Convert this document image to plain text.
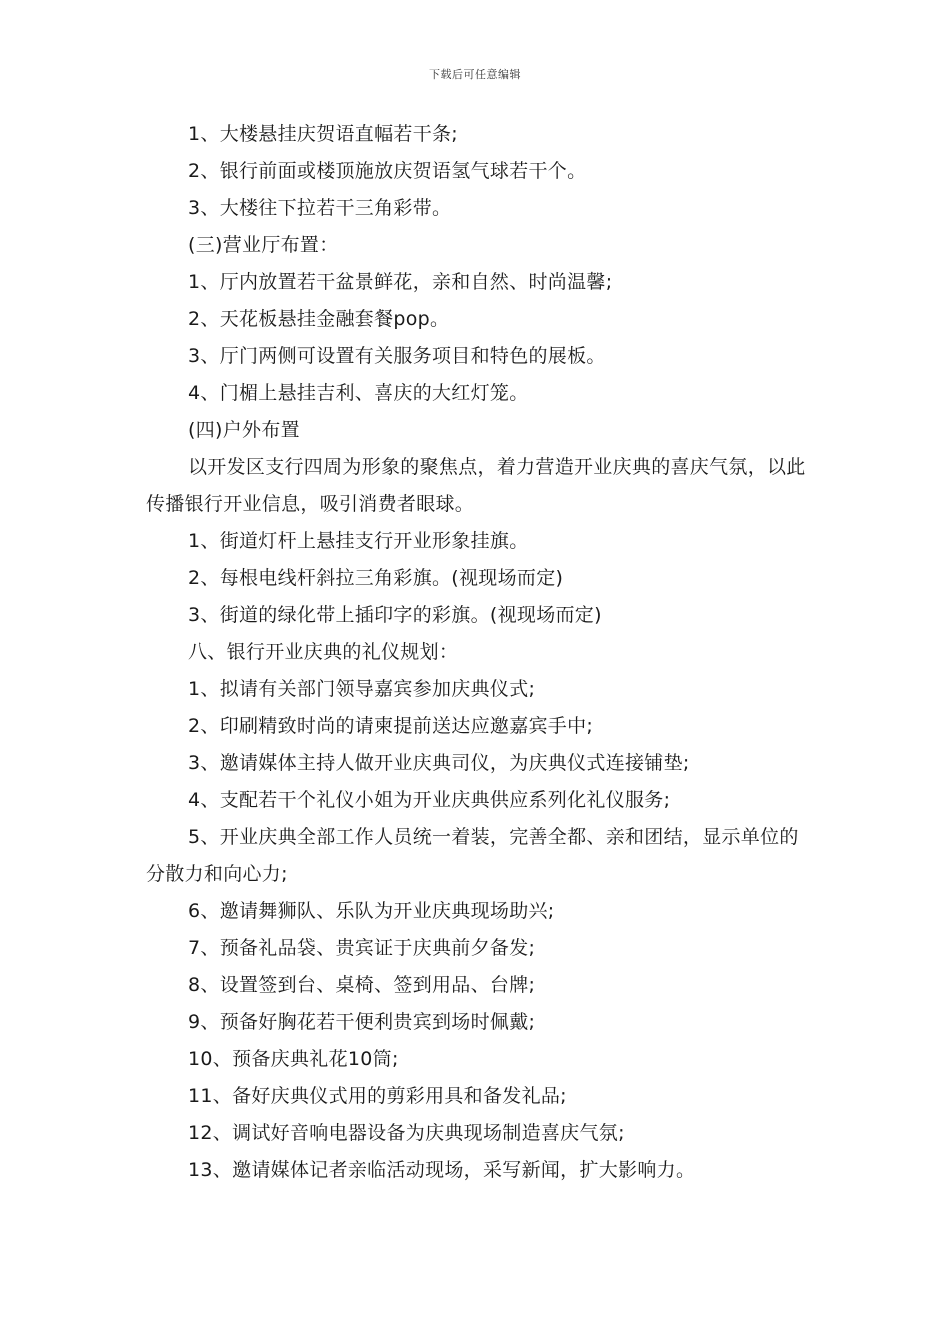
下载后可任意编辑
1、大楼悬挂庆贺语直幅若干条;
2、银行前面或楼顶施放庆贺语氢气球若干个。
3、大楼往下拉若干三角彩带。
(三)营业厅布置：
1、厅内放置若干盆景鲜花，亲和自然、时尚温馨;
2、天花板悬挂金融套餐pop。
3、厅门两侧可设置有关服务项目和特色的展板。
4、门楣上悬挂吉利、喜庆的大红灯笼。
(四)户外布置
以开发区支行四周为形象的聚焦点，着力营造开业庆典的喜庆气氛，以此传播银行开业信息，吸引消费者眼球。
1、街道灯杆上悬挂支行开业形象挂旗。
2、每根电线杆斜拉三角彩旗。(视现场而定)
3、街道的绿化带上插印字的彩旗。(视现场而定)
八、银行开业庆典的礼仪规划：
1、拟请有关部门领导嘉宾参加庆典仪式;
2、印刷精致时尚的请柬提前送达应邀嘉宾手中;
3、邀请媒体主持人做开业庆典司仪，为庆典仪式连接铺垫;
4、支配若干个礼仪小姐为开业庆典供应系列化礼仪服务;
5、开业庆典全部工作人员统一着装，完善全都、亲和团结，显示单位的分散力和向心力;
6、邀请舞狮队、乐队为开业庆典现场助兴;
7、预备礼品袋、贵宾证于庆典前夕备发;
8、设置签到台、桌椅、签到用品、台牌;
9、预备好胸花若干便利贵宾到场时佩戴;
10、预备庆典礼花10筒;
11、备好庆典仪式用的剪彩用具和备发礼品;
12、调试好音响电器设备为庆典现场制造喜庆气氛;
13、邀请媒体记者亲临活动现场，采写新闻，扩大影响力。
